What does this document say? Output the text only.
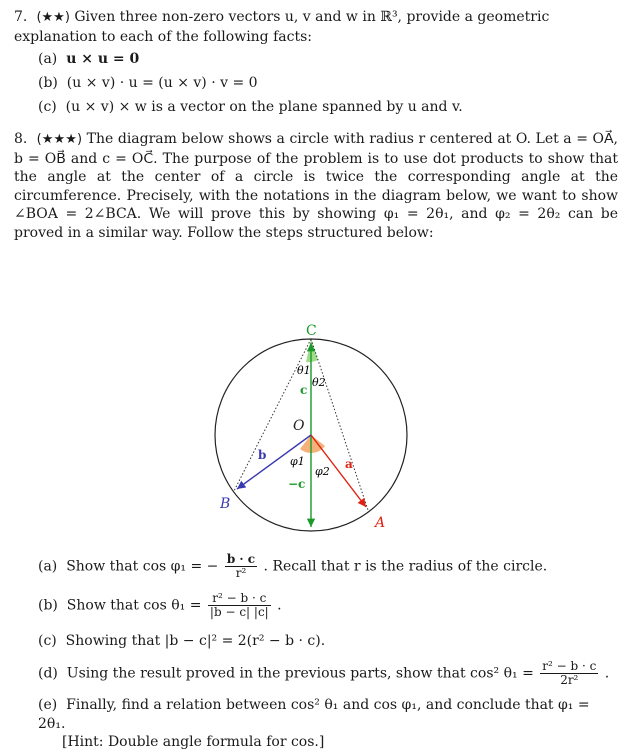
7. (★★) Given three non-zero vectors u, v and w in ℝ³, provide a geometric explanation to each of the following facts:
(a) u × u = 0
(b) (u × v) · u = (u × v) · v = 0
(c) (u × v) × w is a vector on the plane spanned by u and v.
8. (★★★) The diagram below shows a circle with radius r centered at O. Let a = OA⃗, b = OB⃗ and c = OC⃗. The purpose of the problem is to use dot products to show that the angle at the center of a circle is twice the corresponding angle at the circumference. Precisely, with the notations in the diagram below, we want to show ∠BOA = 2∠BCA. We will prove this by showing φ₁ = 2θ₁, and φ₂ = 2θ₂ can be proved in a similar way. Follow the steps structured below:
C
O
A
B
θ1
θ2
c
b
a
φ1
φ2
−c
(a) Show that cos φ₁ = − $\frac{b \cdot c}{\text{r²}}$ . Recall that r is the radius of the circle.
(b) Show that $\cos \theta_1 = \frac{\text{r² − b · c}}{|b - c| |c|}$ .
(c) Showing that |b − c|² = 2(r² − b · c).
(d) Using the result proved in the previous parts, show that cos² $\theta_1 = \frac{\text{r² − b · c}}{\text{2r²}}$ .
(e) Finally, find a relation between cos² θ₁ and cos φ₁, and conclude that φ₁ = 2θ₁.
[Hint: Double angle formula for cos.]
